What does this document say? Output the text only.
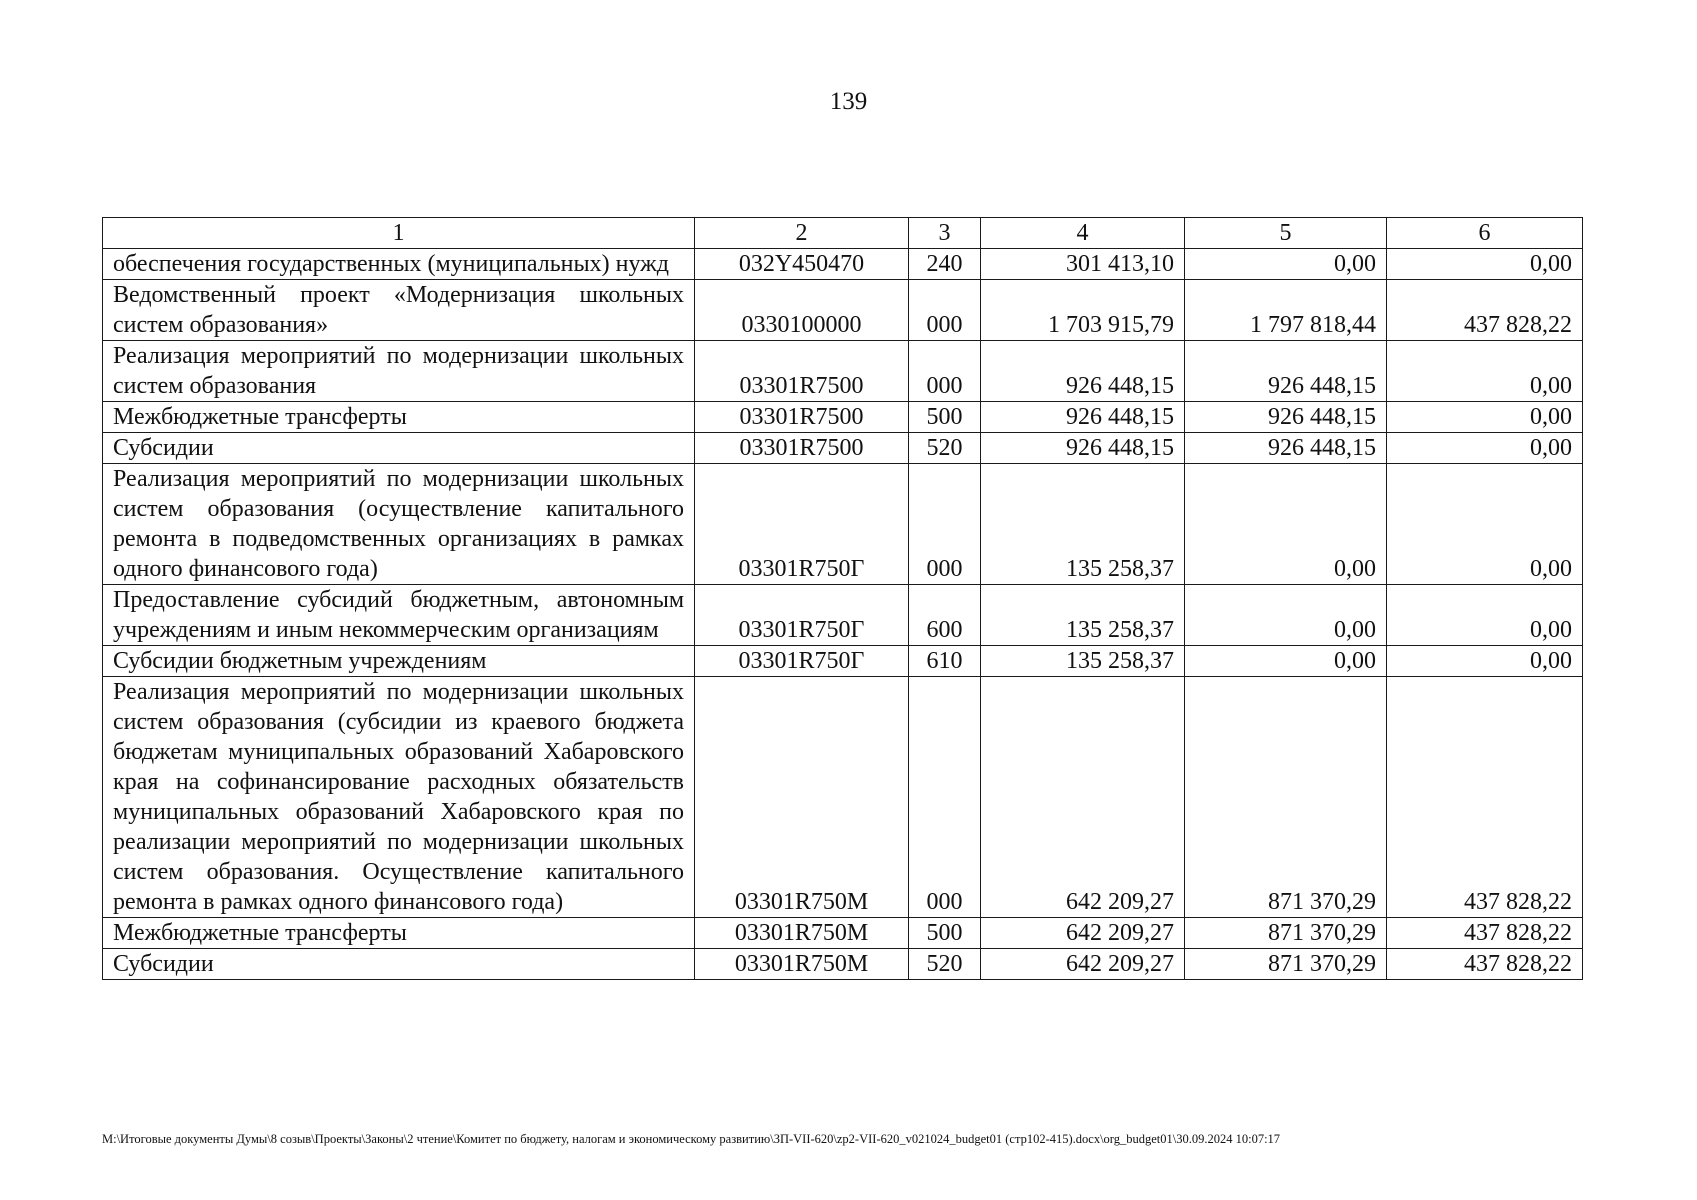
139
1	2	3	4	5	6
обеспечения государственных (муниципальных) нужд	032Y450470	240	301 413,10	0,00	0,00
Ведомственный проект «Модернизация школьных систем образования»	0330100000	000	1 703 915,79	1 797 818,44	437 828,22
Реализация мероприятий по модернизации школьных систем образования	03301R7500	000	926 448,15	926 448,15	0,00
Межбюджетные трансферты	03301R7500	500	926 448,15	926 448,15	0,00
Субсидии	03301R7500	520	926 448,15	926 448,15	0,00
Реализация мероприятий по модернизации школьных систем образования (осуществление капитального ремонта в подведомственных организациях в рамках одного финансового года)	03301R750Г	000	135 258,37	0,00	0,00
Предоставление субсидий бюджетным, автономным учреждениям и иным некоммерческим организациям	03301R750Г	600	135 258,37	0,00	0,00
Субсидии бюджетным учреждениям	03301R750Г	610	135 258,37	0,00	0,00
Реализация мероприятий по модернизации школьных систем образования (субсидии из краевого бюджета бюджетам муниципальных образований Хабаровского края на софинансирование расходных обязательств муниципальных образований Хабаровского края по реализации мероприятий по модернизации школьных систем образования. Осуществление капитального ремонта в рамках одного финансового года)	03301R750М	000	642 209,27	871 370,29	437 828,22
Межбюджетные трансферты	03301R750М	500	642 209,27	871 370,29	437 828,22
Субсидии	03301R750М	520	642 209,27	871 370,29	437 828,22
M:\Итоговые документы Думы\8 созыв\Проекты\Законы\2 чтение\Комитет по бюджету, налогам и экономическому развитию\ЗП-VII-620\zp2-VII-620_v021024_budget01 (стр102-415).docx\org_budget01\30.09.2024 10:07:17
